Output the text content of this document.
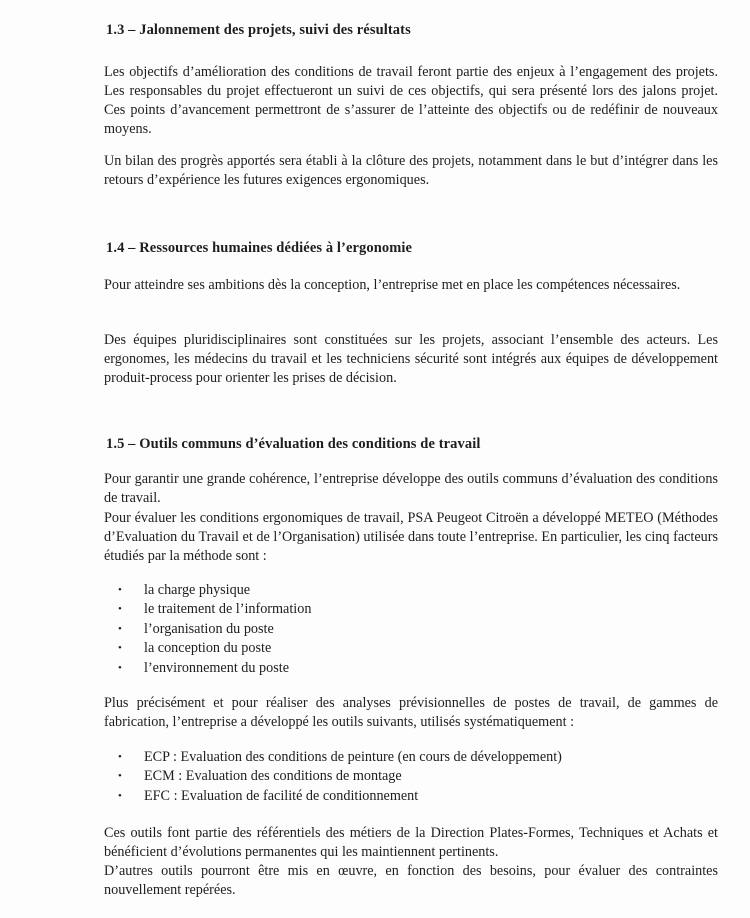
1.3 – Jalonnement des projets, suivi des résultats

Les objectifs d’amélioration des conditions de travail feront partie des enjeux à l’engagement des projets. Les responsables du projet effectueront un suivi de ces objectifs, qui sera présenté lors des jalons projet. Ces points d’avancement permettront de s’assurer de l’atteinte des objectifs ou de redéfinir de nouveaux moyens.

Un bilan des progrès apportés sera établi à la clôture des projets, notamment dans le but d’intégrer dans les retours d’expérience les futures exigences ergonomiques.

1.4 – Ressources humaines dédiées à l’ergonomie

Pour atteindre ses ambitions dès la conception, l’entreprise met en place les compétences nécessaires.

Des équipes pluridisciplinaires sont constituées sur les projets, associant l’ensemble des acteurs. Les ergonomes, les médecins du travail et les techniciens sécurité sont intégrés aux équipes de développement produit-process pour orienter les prises de décision.

1.5 – Outils communs d’évaluation des conditions de travail

Pour garantir une grande cohérence, l’entreprise développe des outils communs d’évaluation des conditions de travail.

Pour évaluer les conditions ergonomiques de travail, PSA Peugeot Citroën a développé METEO (Méthodes d’Evaluation du Travail et de l’Organisation) utilisée dans toute l’entreprise. En particulier, les cinq facteurs étudiés par la méthode sont :

• la charge physique
• le traitement de l’information
• l’organisation du poste
• la conception du poste
• l’environnement du poste

Plus précisément et pour réaliser des analyses prévisionnelles de postes de travail, de gammes de fabrication, l’entreprise a développé les outils suivants, utilisés systématiquement :

• ECP : Evaluation des conditions de peinture (en cours de développement)
• ECM : Evaluation des conditions de montage
• EFC : Evaluation de facilité de conditionnement

Ces outils font partie des référentiels des métiers de la Direction Plates-Formes, Techniques et Achats et bénéficient d’évolutions permanentes qui les maintiennent pertinents.

D’autres outils pourront être mis en œuvre, en fonction des besoins, pour évaluer des contraintes nouvellement repérées.
